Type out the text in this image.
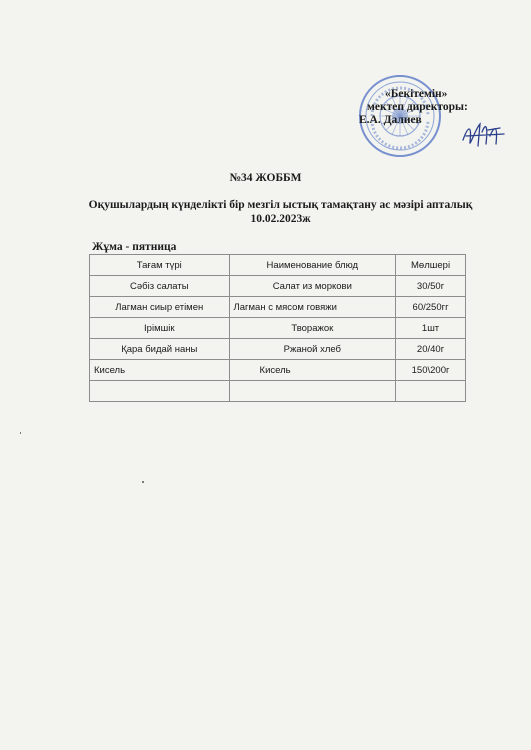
«Бекітемін»
мектеп директоры:
Е.А. Далиев
№34 ЖОББМ
Оқушылардың күнделікті бір мезгіл ыстық тамақтану ас мәзірі апталық
10.02.2023ж
Жұма - пятница
Тағам түрі	Наименование блюд	Мөлшері
Сәбіз салаты	Салат из моркови	30/50г
Лагман сиыр етімен	Лагман с мясом говяжи	60/250гг
Ірімшік	Творажок	1шт
Қара бидай наны	Ржаной хлеб	20/40г
Кисель	Кисель	150\200г
